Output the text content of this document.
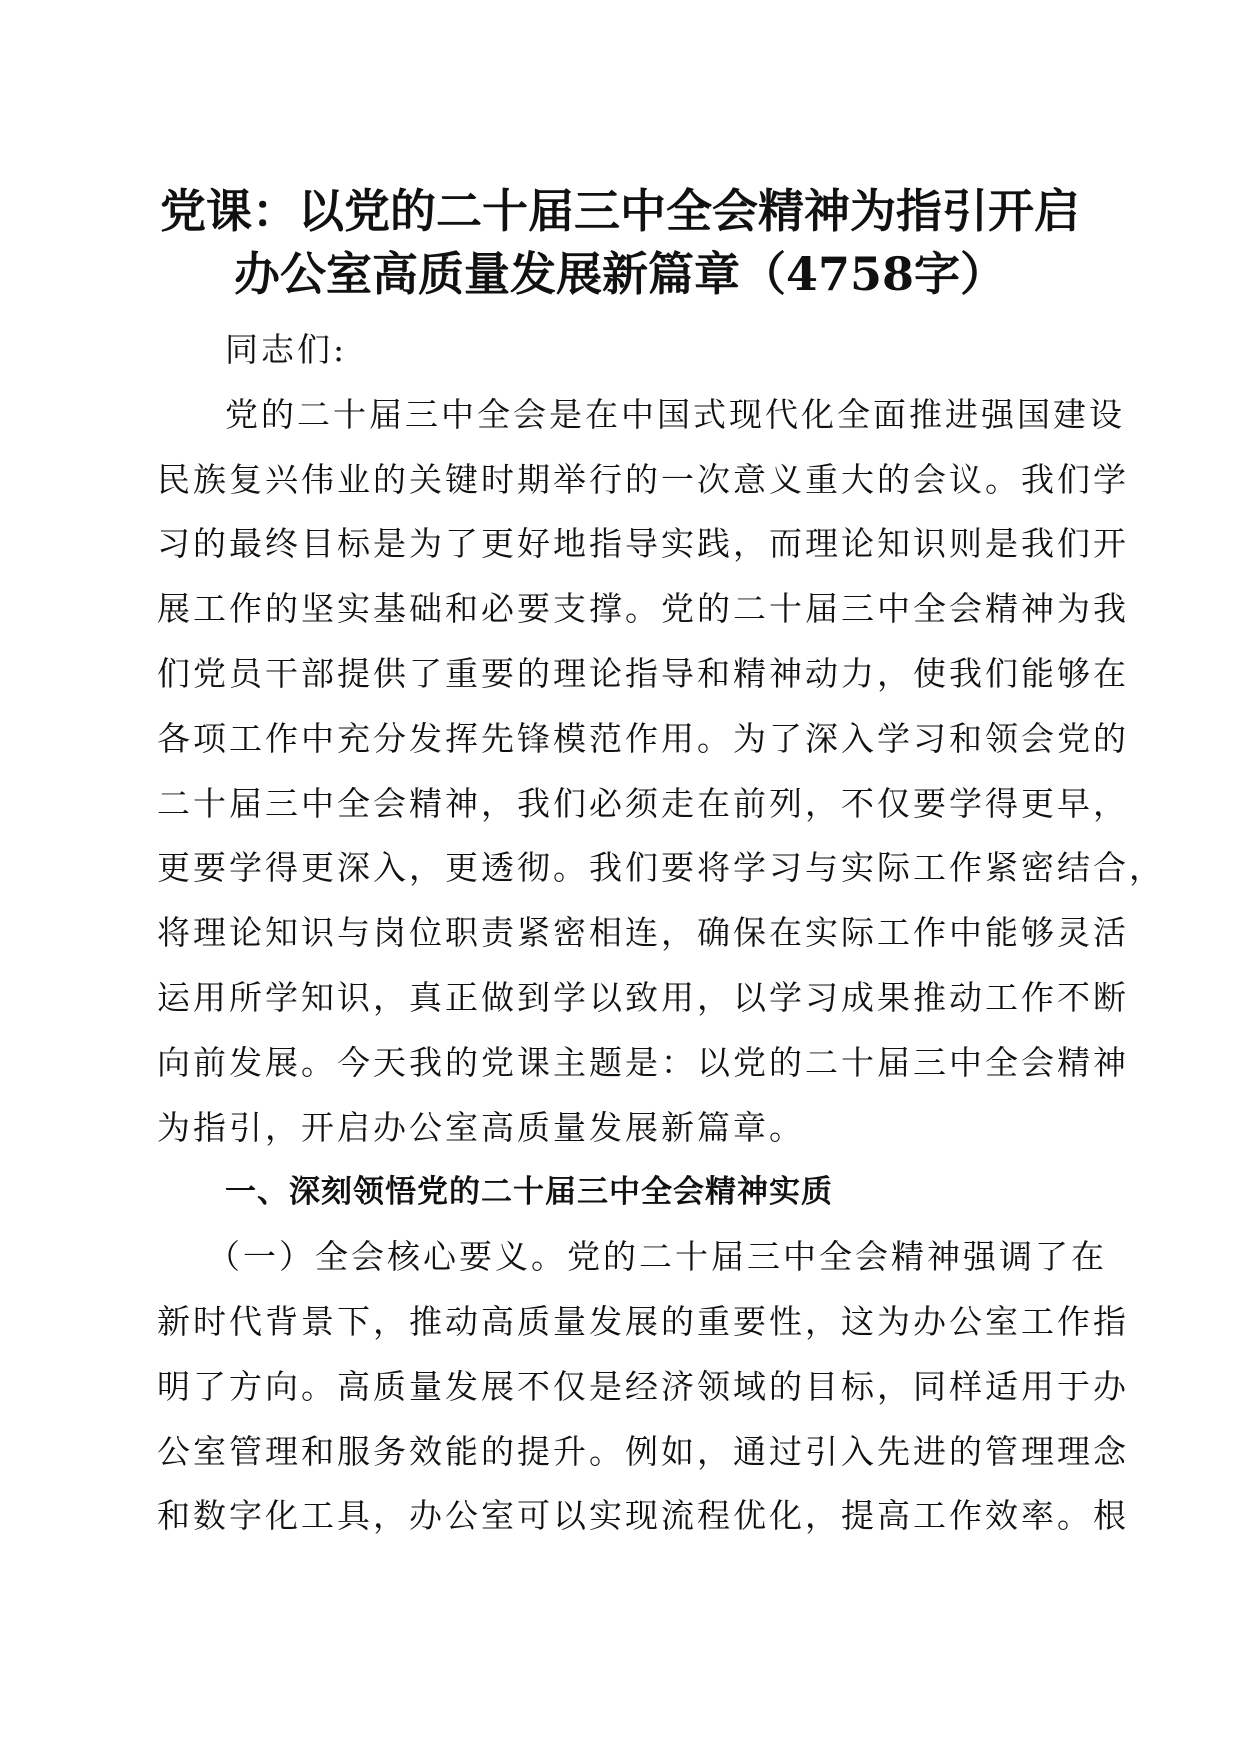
党课：以党的二十届三中全会精神为指引开启
办公室高质量发展新篇章（4758字）

同志们:

党的二十届三中全会是在中国式现代化全面推进强国建设
民族复兴伟业的关键时期举行的一次意义重大的会议。我们学
习的最终目标是为了更好地指导实践，而理论知识则是我们开
展工作的坚实基础和必要支撑。党的二十届三中全会精神为我
们党员干部提供了重要的理论指导和精神动力，使我们能够在
各项工作中充分发挥先锋模范作用。为了深入学习和领会党的
二十届三中全会精神，我们必须走在前列，不仅要学得更早，
更要学得更深入，更透彻。我们要将学习与实际工作紧密结合，
将理论知识与岗位职责紧密相连，确保在实际工作中能够灵活
运用所学知识，真正做到学以致用，以学习成果推动工作不断
向前发展。今天我的党课主题是：以党的二十届三中全会精神
为指引，开启办公室高质量发展新篇章。

一、深刻领悟党的二十届三中全会精神实质

（一）全会核心要义。党的二十届三中全会精神强调了在
新时代背景下，推动高质量发展的重要性，这为办公室工作指
明了方向。高质量发展不仅是经济领域的目标，同样适用于办
公室管理和服务效能的提升。例如，通过引入先进的管理理念
和数字化工具，办公室可以实现流程优化，提高工作效率。根
